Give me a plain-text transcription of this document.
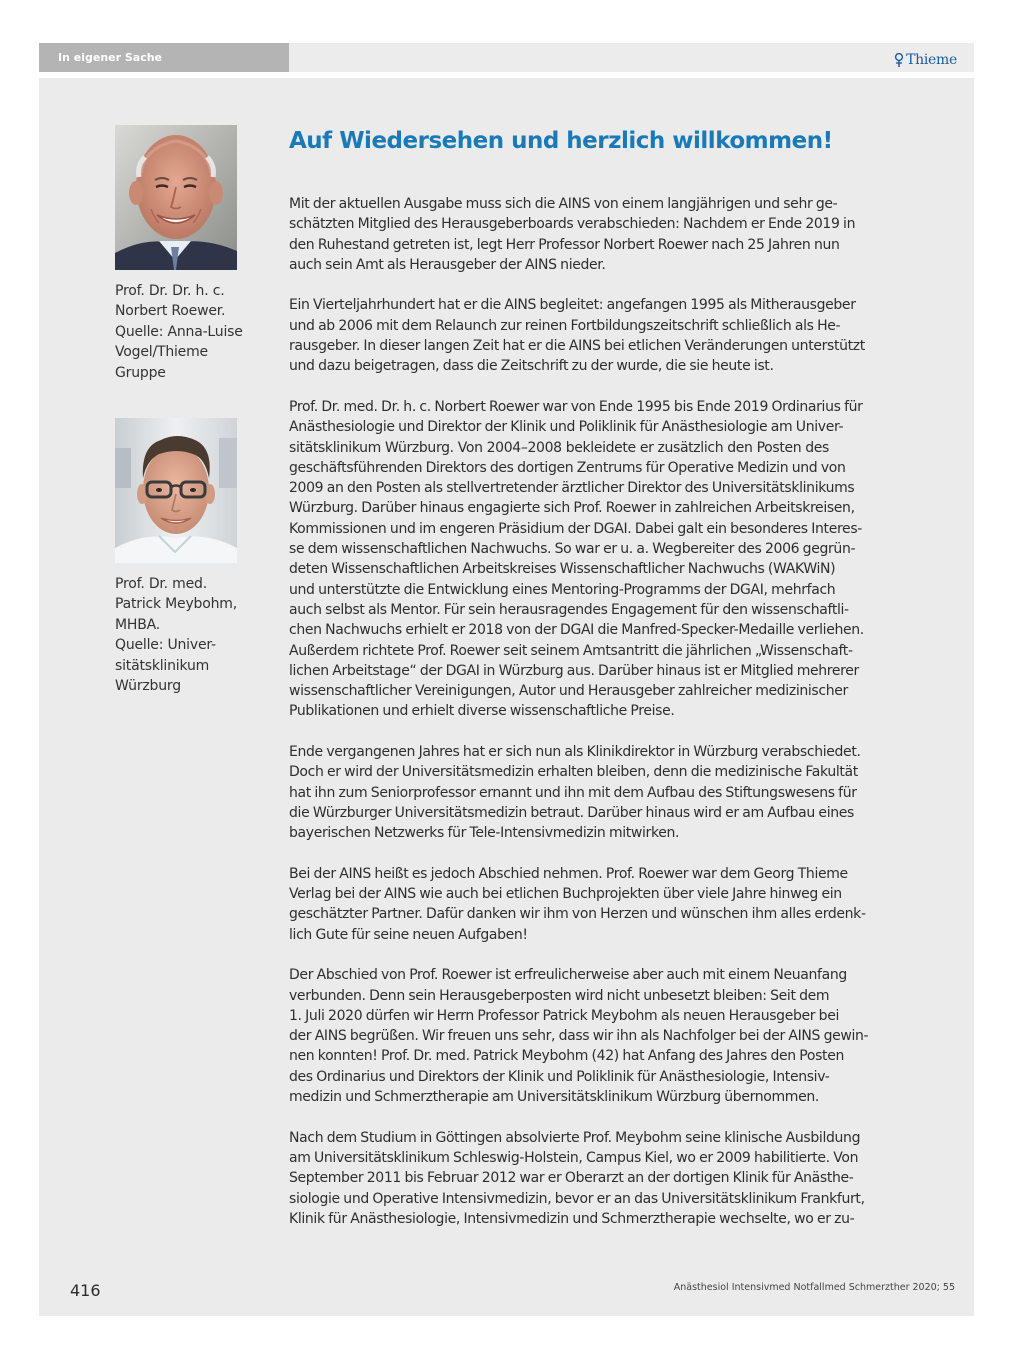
In eigener Sache	Thieme
Prof. Dr. Dr. h. c.
Norbert Roewer.
Quelle: Anna-Luise
Vogel/Thieme
Gruppe
Prof. Dr. med.
Patrick Meybohm,
MHBA.
Quelle: Univer-
sitätsklinikum
Würzburg
Auf Wiedersehen und herzlich willkommen!
Mit der aktuellen Ausgabe muss sich die AINS von einem langjährigen und sehr ge-
schätzten Mitglied des Herausgeberboards verabschieden: Nachdem er Ende 2019 in
den Ruhestand getreten ist, legt Herr Professor Norbert Roewer nach 25 Jahren nun
auch sein Amt als Herausgeber der AINS nieder.
Ein Vierteljahrhundert hat er die AINS begleitet: angefangen 1995 als Mitherausgeber
und ab 2006 mit dem Relaunch zur reinen Fortbildungszeitschrift schließlich als He-
rausgeber. In dieser langen Zeit hat er die AINS bei etlichen Veränderungen unterstützt
und dazu beigetragen, dass die Zeitschrift zu der wurde, die sie heute ist.
Prof. Dr. med. Dr. h. c. Norbert Roewer war von Ende 1995 bis Ende 2019 Ordinarius für
Anästhesiologie und Direktor der Klinik und Poliklinik für Anästhesiologie am Univer-
sitätsklinikum Würzburg. Von 2004–2008 bekleidete er zusätzlich den Posten des
geschäftsführenden Direktors des dortigen Zentrums für Operative Medizin und von
2009 an den Posten als stellvertretender ärztlicher Direktor des Universitätsklinikums
Würzburg. Darüber hinaus engagierte sich Prof. Roewer in zahlreichen Arbeitskreisen,
Kommissionen und im engeren Präsidium der DGAI. Dabei galt ein besonderes Interes-
se dem wissenschaftlichen Nachwuchs. So war er u. a. Wegbereiter des 2006 gegrün-
deten Wissenschaftlichen Arbeitskreises Wissenschaftlicher Nachwuchs (WAKWiN)
und unterstützte die Entwicklung eines Mentoring-Programms der DGAI, mehrfach
auch selbst als Mentor. Für sein herausragendes Engagement für den wissenschaftli-
chen Nachwuchs erhielt er 2018 von der DGAI die Manfred-Specker-Medaille verliehen.
Außerdem richtete Prof. Roewer seit seinem Amtsantritt die jährlichen „Wissenschaft-
lichen Arbeitstage“ der DGAI in Würzburg aus. Darüber hinaus ist er Mitglied mehrerer
wissenschaftlicher Vereinigungen, Autor und Herausgeber zahlreicher medizinischer
Publikationen und erhielt diverse wissenschaftliche Preise.
Ende vergangenen Jahres hat er sich nun als Klinikdirektor in Würzburg verabschiedet.
Doch er wird der Universitätsmedizin erhalten bleiben, denn die medizinische Fakultät
hat ihn zum Seniorprofessor ernannt und ihn mit dem Aufbau des Stiftungswesens für
die Würzburger Universitätsmedizin betraut. Darüber hinaus wird er am Aufbau eines
bayerischen Netzwerks für Tele-Intensivmedizin mitwirken.
Bei der AINS heißt es jedoch Abschied nehmen. Prof. Roewer war dem Georg Thieme
Verlag bei der AINS wie auch bei etlichen Buchprojekten über viele Jahre hinweg ein
geschätzter Partner. Dafür danken wir ihm von Herzen und wünschen ihm alles erdenk-
lich Gute für seine neuen Aufgaben!
Der Abschied von Prof. Roewer ist erfreulicherweise aber auch mit einem Neuanfang
verbunden. Denn sein Herausgeberposten wird nicht unbesetzt bleiben: Seit dem
1. Juli 2020 dürfen wir Herrn Professor Patrick Meybohm als neuen Herausgeber bei
der AINS begrüßen. Wir freuen uns sehr, dass wir ihn als Nachfolger bei der AINS gewin-
nen konnten! Prof. Dr. med. Patrick Meybohm (42) hat Anfang des Jahres den Posten
des Ordinarius und Direktors der Klinik und Poliklinik für Anästhesiologie, Intensiv-
medizin und Schmerztherapie am Universitätsklinikum Würzburg übernommen.
Nach dem Studium in Göttingen absolvierte Prof. Meybohm seine klinische Ausbildung
am Universitätsklinikum Schleswig-Holstein, Campus Kiel, wo er 2009 habilitierte. Von
September 2011 bis Februar 2012 war er Oberarzt an der dortigen Klinik für Anästhe-
siologie und Operative Intensivmedizin, bevor er an das Universitätsklinikum Frankfurt,
Klinik für Anästhesiologie, Intensivmedizin und Schmerztherapie wechselte, wo er zu-
416	Anästhesiol Intensivmed Notfallmed Schmerzther 2020; 55
